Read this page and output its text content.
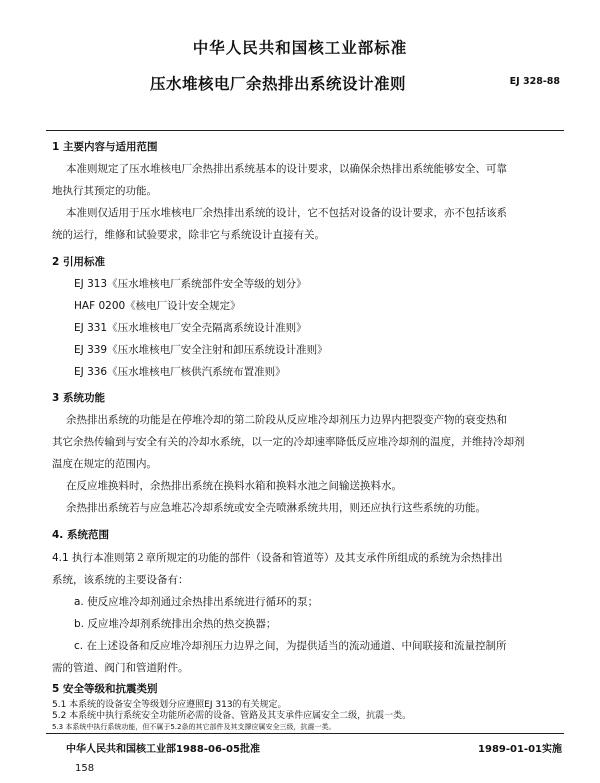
中华人民共和国核工业部标准
压水堆核电厂余热排出系统设计准则	EJ 328-88
1 主要内容与适用范围
本准则规定了压水堆核电厂余热排出系统基本的设计要求，以确保余热排出系统能够安全、可靠
地执行其预定的功能。
本准则仅适用于压水堆核电厂余热排出系统的设计，它不包括对设备的设计要求，亦不包括该系
统的运行，维修和试验要求，除非它与系统设计直接有关。
2 引用标准
EJ 313《压水堆核电厂系统部件安全等级的划分》
HAF 0200《核电厂设计安全规定》
EJ 331《压水堆核电厂安全壳隔离系统设计准则》
EJ 339《压水堆核电厂安全注射和卸压系统设计准则》
EJ 336《压水堆核电厂核供汽系统布置准则》
3 系统功能
余热排出系统的功能是在停堆冷却的第二阶段从反应堆冷却剂压力边界内把裂变产物的衰变热和
其它余热传输到与安全有关的冷却水系统，以一定的冷却速率降低反应堆冷却剂的温度，并维持冷却剂
温度在规定的范围内。
在反应堆换料时，余热排出系统在换料水箱和换料水池之间输送换料水。
余热排出系统若与应急堆芯冷却系统或安全壳喷淋系统共用，则还应执行这些系统的功能。
4. 系统范围
4.1 执行本准则第２章所规定的功能的部件（设备和管道等）及其支承件所组成的系统为余热排出
系统，该系统的主要设备有：
a. 使反应堆冷却剂通过余热排出系统进行循环的泵；
b. 反应堆冷却剂系统排出余热的热交换器；
c. 在上述设备和反应堆冷却剂压力边界之间，为提供适当的流动通道、中间联接和流量控制所
需的管道、阀门和管道附件。
5 安全等级和抗震类别
中华人民共和国核工业部1988-06-05批准	1989-01-01实施
158
5.1 本系统的设备安全等级划分应遵照EJ 313的有关规定。
5.2 本系统中执行系统安全功能所必需的设备、管路及其支承件应属安全二级，抗震一类。
5.3 本系统中执行系统功能，但不属于5.2条的其它部件及其支撑应属安全三级，抗震一类。
